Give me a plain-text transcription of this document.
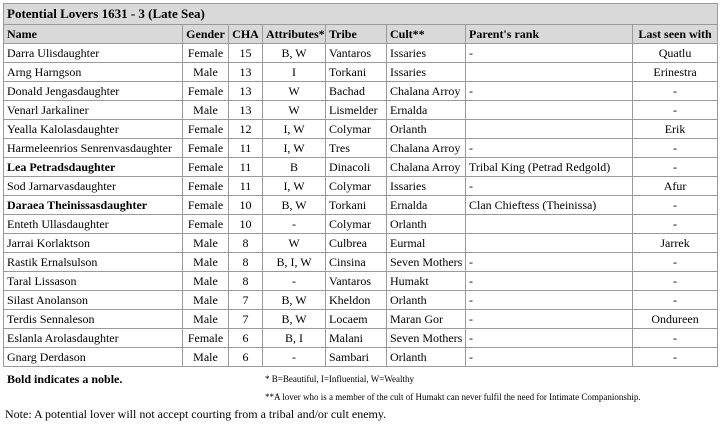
Potential Lovers 1631 - 3 (Late Sea)							
Name	Gender	CHA	Attributes*	Tribe	Cult**	Parent's rank	Last seen with
Darra Ulisdaughter	Female	15	B, W	Vantaros	Issaries	-	Quatlu
Arng Harngson	Male	13	I	Torkani	Issaries		Erinestra
Donald Jengasdaughter	Female	13	W	Bachad	Chalana Arroy	-	-
Venarl Jarkaliner	Male	13	W	Lismelder	Ernalda		-
Yealla Kalolasdaughter	Female	12	I, W	Colymar	Orlanth		Erik
Harmeleenrios Senrenvasdaughter	Female	11	I, W	Tres	Chalana Arroy	-	-
Lea Petradsdaughter	Female	11	B	Dinacoli	Chalana Arroy	Tribal King (Petrad Redgold)	-
Sod Jarnarvasdaughter	Female	11	I, W	Colymar	Issaries	-	Afur
Daraea Theinissasdaughter	Female	10	B, W	Torkani	Ernalda	Clan Chieftess (Theinissa)	-
Enteth Ullasdaughter	Female	10	-	Colymar	Orlanth		-
Jarrai Korlaktson	Male	8	W	Culbrea	Eurmal		Jarrek
Rastik Ernalsulson	Male	8	B, I, W	Cinsina	Seven Mothers	-	-
Taral Lissason	Male	8	-	Vantaros	Humakt	-	-
Silast Anolanson	Male	7	B, W	Kheldon	Orlanth	-	-
Terdis Sennaleson	Male	7	B, W	Locaem	Maran Gor	-	Ondureen
Eslanla Arolasdaughter	Female	6	B, I	Malani	Seven Mothers	-	-
Gnarg Derdason	Male	6	-	Sambari	Orlanth	-	-
Bold indicates a noble.	* B=Beautiful, I=Influential, W=Wealthy
**A lover who is a member of the cult of Humakt can never fulfil the need for Intimate Companionship.
Note: A potential lover will not accept courting from a tribal and/or cult enemy.
